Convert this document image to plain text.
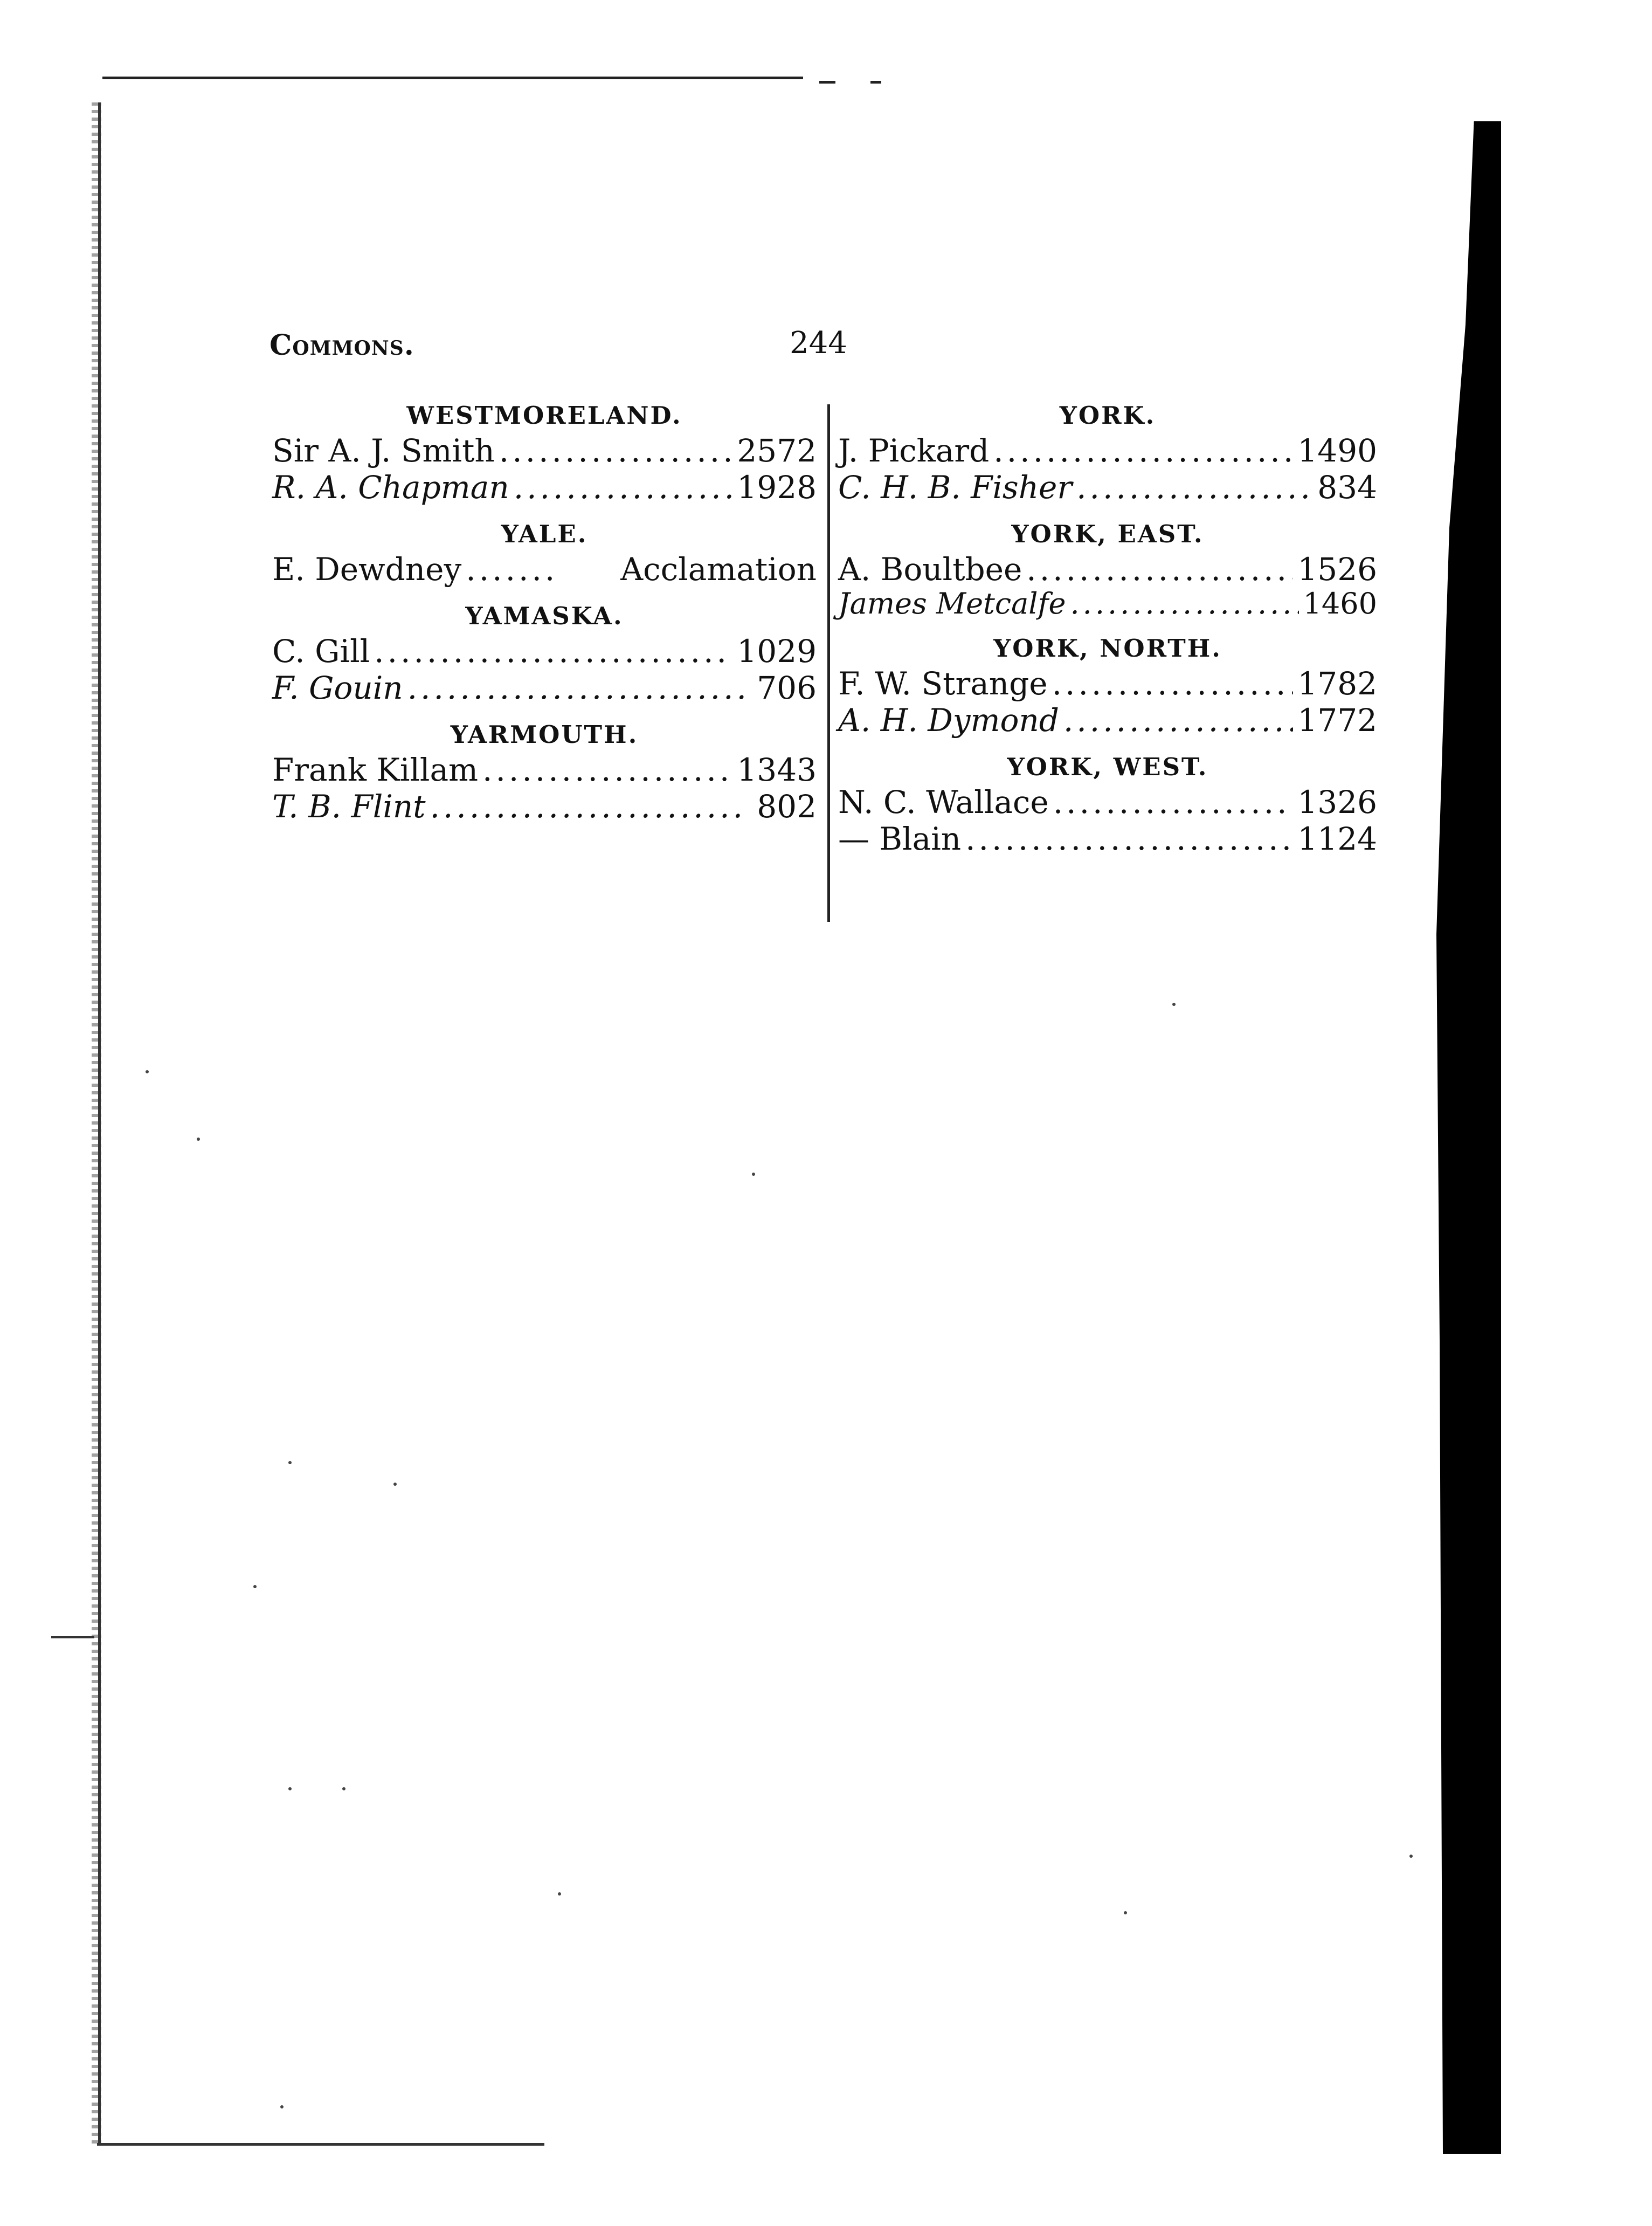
Commons.	244
WESTMORELAND.
Sir A. J. Smith .....	2572
R. A. Chapman .....	1928
YALE.
E. Dewdney .....	Acclamation
YAMASKA.
C. Gill .....	1029
F. Gouin .....	706
YARMOUTH.
Frank Killam .....	1343
T. B. Flint .....	802
YORK.
J. Pickard .....	1490
C. H. B. Fisher .....	834
YORK, EAST.
A. Boultbee .....	1526
James Metcalfe .....	1460
YORK, NORTH.
F. W. Strange .....	1782
A. H. Dymond .....	1772
YORK, WEST.
N. C. Wallace .....	1326
— Blain .....	1124
